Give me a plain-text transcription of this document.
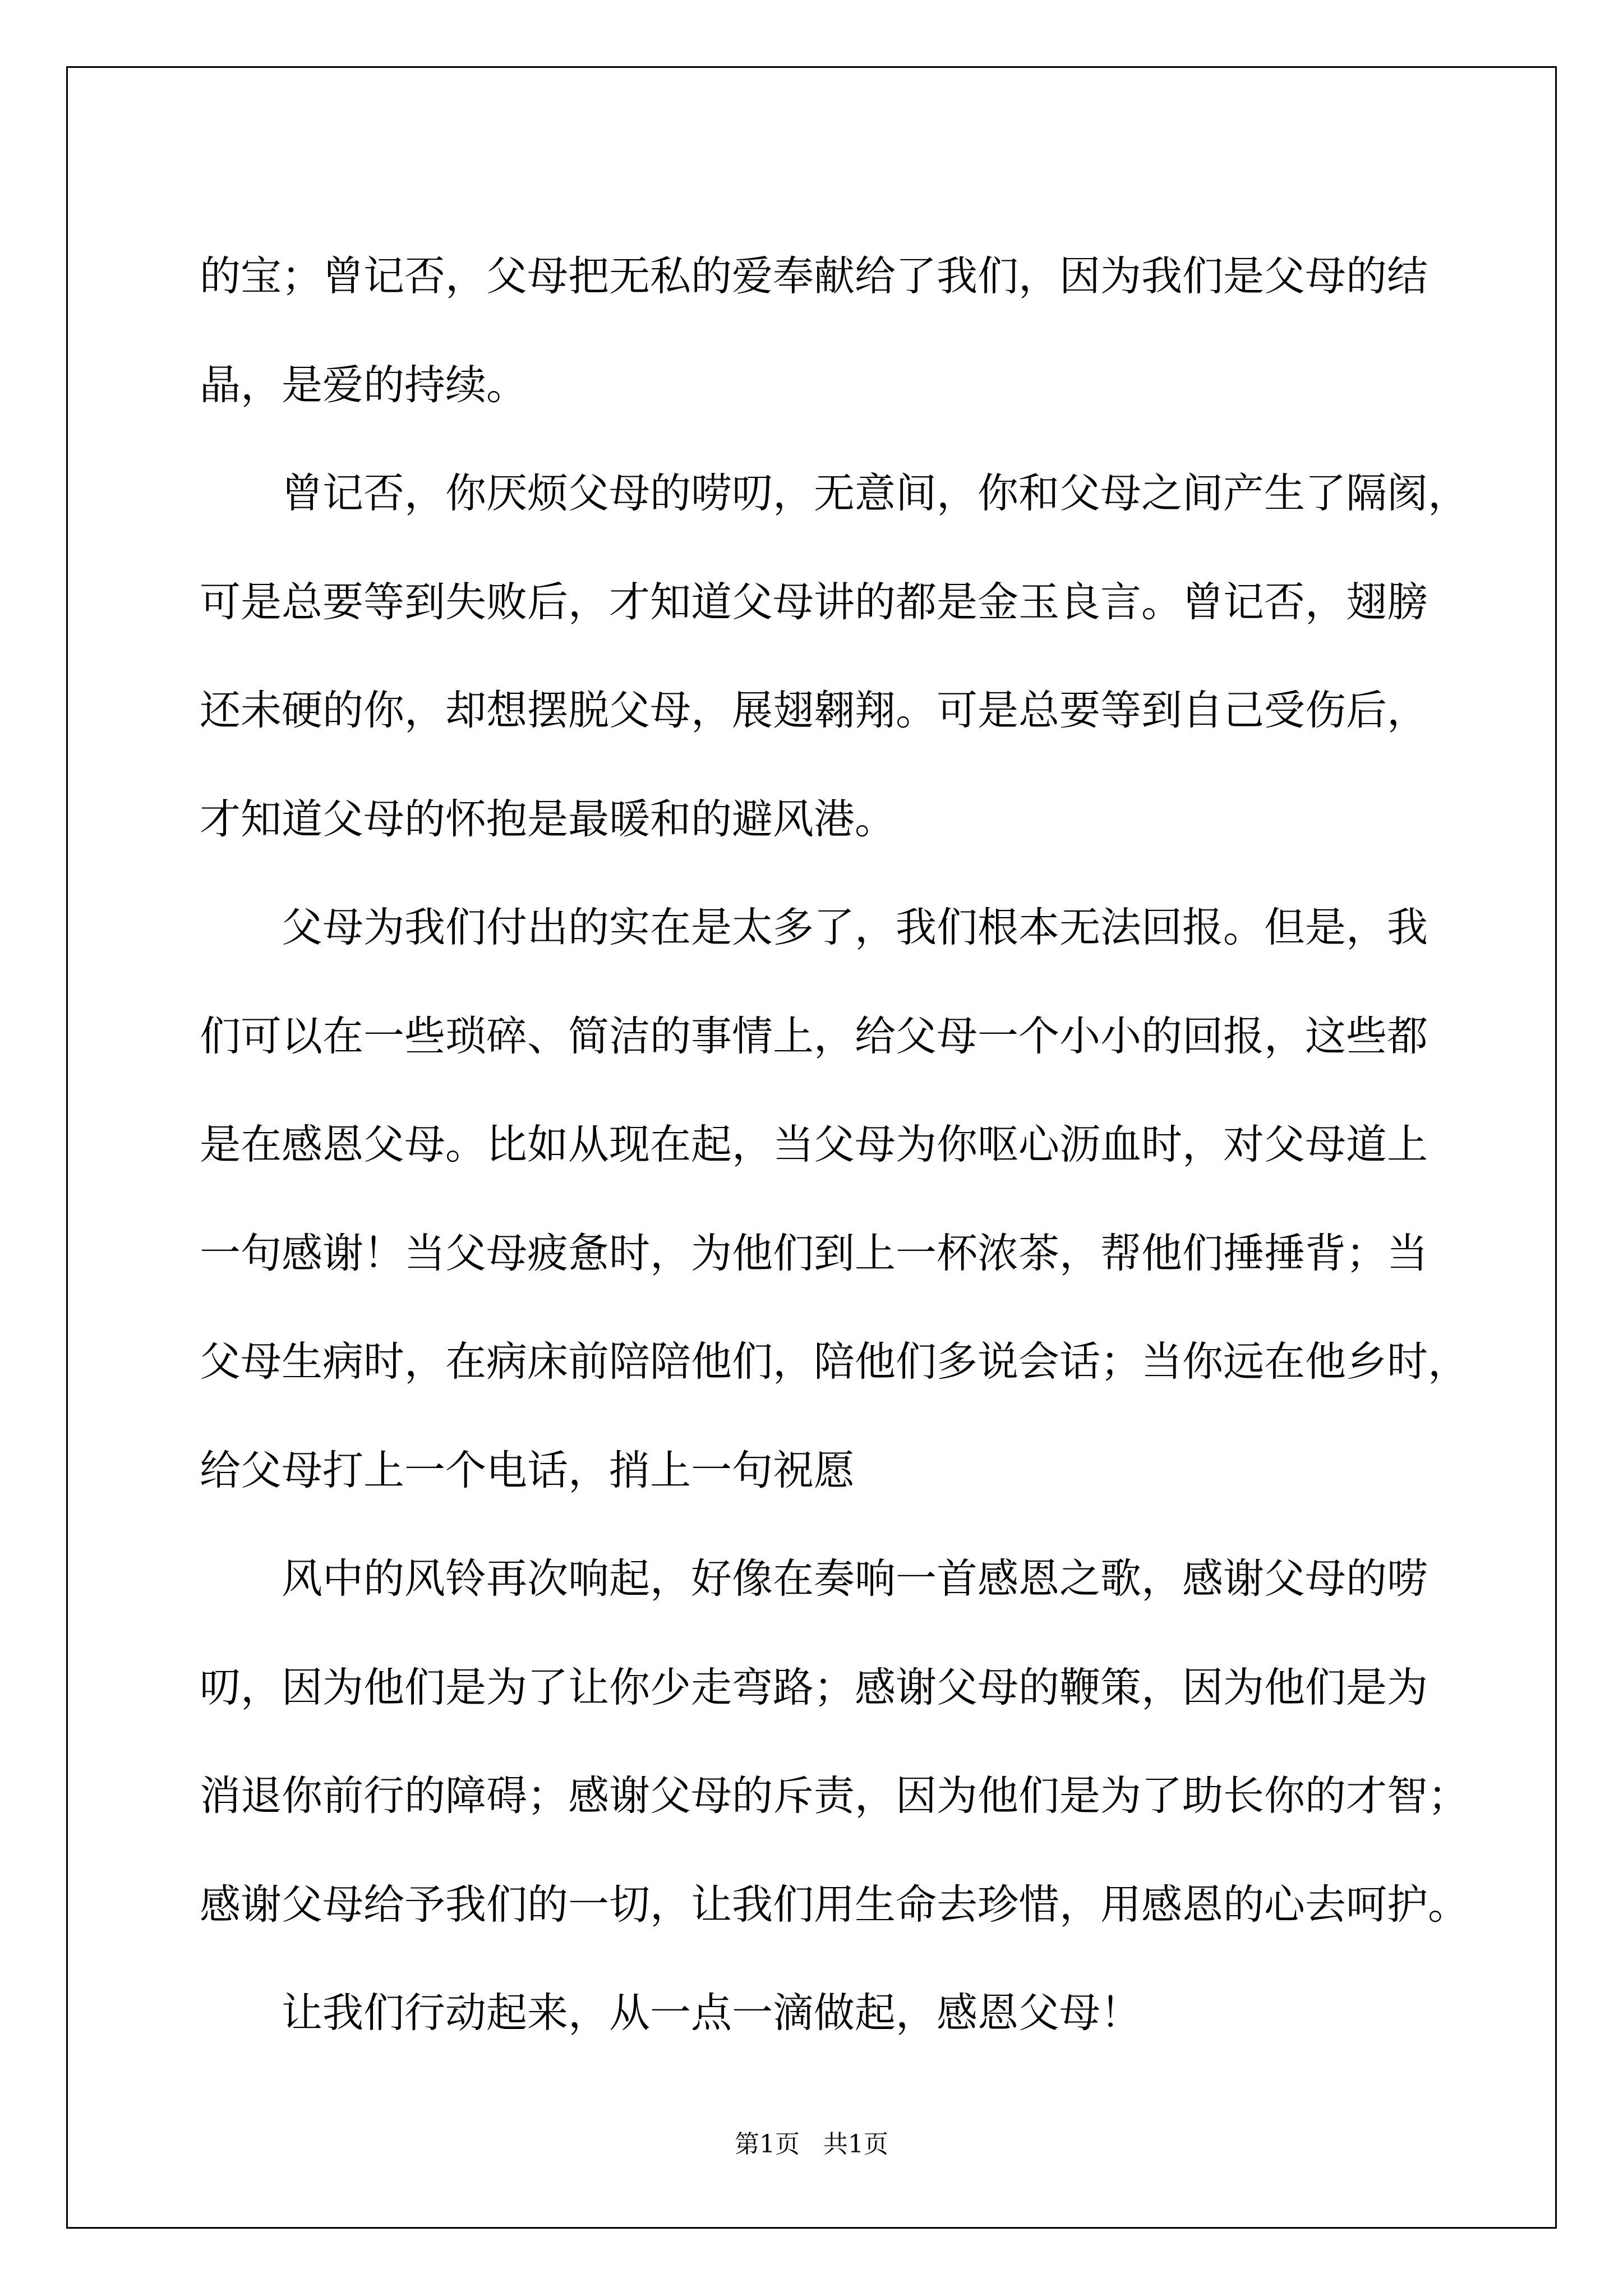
的宝；曾记否，父母把无私的爱奉献给了我们，因为我们是父母的结
晶，是爱的持续。
曾记否，你厌烦父母的唠叨，无意间，你和父母之间产生了隔阂，
可是总要等到失败后，才知道父母讲的都是金玉良言。曾记否，翅膀
还未硬的你，却想摆脱父母，展翅翱翔。可是总要等到自己受伤后，
才知道父母的怀抱是最暖和的避风港。
父母为我们付出的实在是太多了，我们根本无法回报。但是，我
们可以在一些琐碎、简洁的事情上，给父母一个小小的回报，这些都
是在感恩父母。比如从现在起，当父母为你呕心沥血时，对父母道上
一句感谢！当父母疲惫时，为他们到上一杯浓茶，帮他们捶捶背；当
父母生病时，在病床前陪陪他们，陪他们多说会话；当你远在他乡时，
给父母打上一个电话，捎上一句祝愿
风中的风铃再次响起，好像在奏响一首感恩之歌，感谢父母的唠
叨，因为他们是为了让你少走弯路；感谢父母的鞭策，因为他们是为
消退你前行的障碍；感谢父母的斥责，因为他们是为了助长你的才智；
感谢父母给予我们的一切，让我们用生命去珍惜，用感恩的心去呵护。
让我们行动起来，从一点一滴做起，感恩父母！
第1页 共1页
